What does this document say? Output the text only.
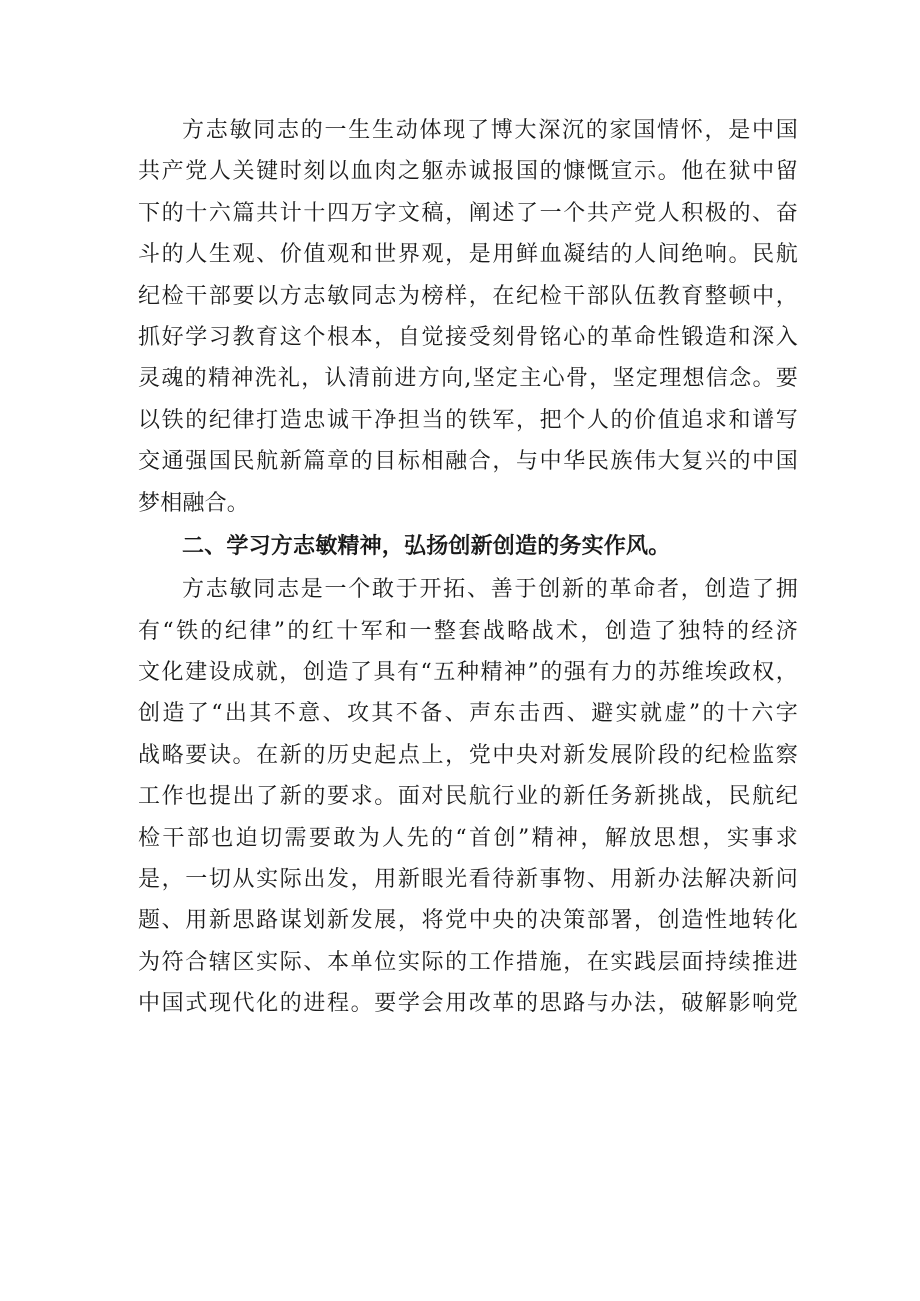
方志敏同志的一生生动体现了博大深沉的家国情怀，是中国
共产党人关键时刻以血肉之躯赤诚报国的慷慨宣示。他在狱中留
下的十六篇共计十四万字文稿，阐述了一个共产党人积极的、奋
斗的人生观、价值观和世界观，是用鲜血凝结的人间绝响。民航
纪检干部要以方志敏同志为榜样，在纪检干部队伍教育整顿中，
抓好学习教育这个根本，自觉接受刻骨铭心的革命性锻造和深入
灵魂的精神洗礼，认清前进方向,坚定主心骨，坚定理想信念。要
以铁的纪律打造忠诚干净担当的铁军，把个人的价值追求和谱写
交通强国民航新篇章的目标相融合，与中华民族伟大复兴的中国
梦相融合。
二、学习方志敏精神，弘扬创新创造的务实作风。
方志敏同志是一个敢于开拓、善于创新的革命者，创造了拥
有“铁的纪律”的红十军和一整套战略战术，创造了独特的经济
文化建设成就，创造了具有“五种精神”的强有力的苏维埃政权，
创造了“出其不意、攻其不备、声东击西、避实就虚”的十六字
战略要诀。在新的历史起点上，党中央对新发展阶段的纪检监察
工作也提出了新的要求。面对民航行业的新任务新挑战，民航纪
检干部也迫切需要敢为人先的“首创”精神，解放思想，实事求
是，一切从实际出发，用新眼光看待新事物、用新办法解决新问
题、用新思路谋划新发展，将党中央的决策部署，创造性地转化
为符合辖区实际、本单位实际的工作措施，在实践层面持续推进
中国式现代化的进程。要学会用改革的思路与办法，破解影响党
